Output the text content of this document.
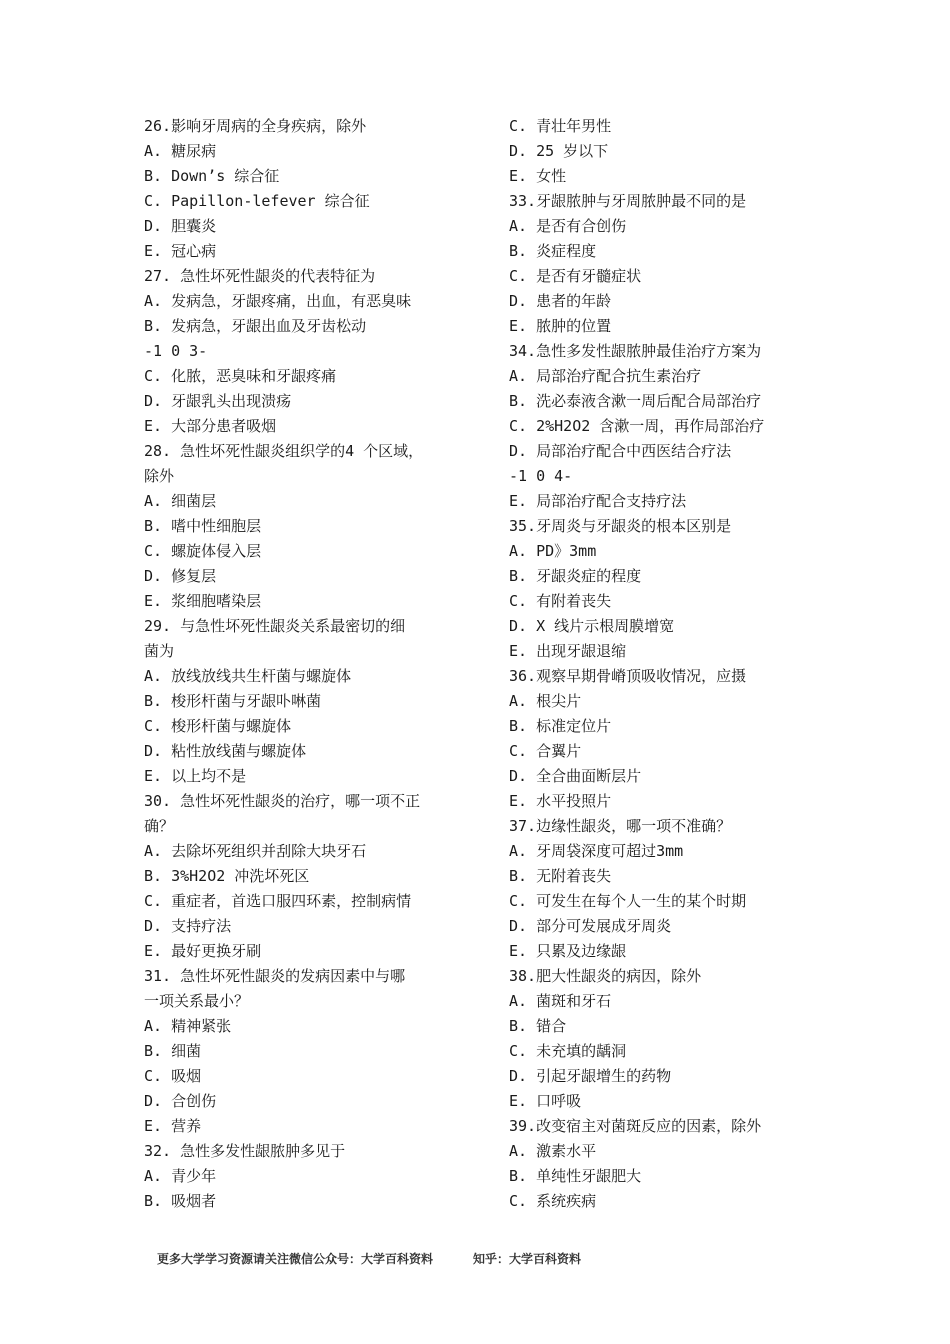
26.影响牙周病的全身疾病，除外
A. 糖尿病
B. Down’s 综合征
C. Papillon-lefever 综合征
D. 胆囊炎
E. 冠心病
27. 急性坏死性龈炎的代表特征为
A. 发病急，牙龈疼痛，出血，有恶臭味
B. 发病急，牙龈出血及牙齿松动
-1 0 3-
C. 化脓，恶臭味和牙龈疼痛
D. 牙龈乳头出现溃疡
E. 大部分患者吸烟
28. 急性坏死性龈炎组织学的4 个区域，
除外
A. 细菌层
B. 嗜中性细胞层
C. 螺旋体侵入层
D. 修复层
E. 浆细胞嗜染层
29. 与急性坏死性龈炎关系最密切的细
菌为
A. 放线放线共生杆菌与螺旋体
B. 梭形杆菌与牙龈卟啉菌
C. 梭形杆菌与螺旋体
D. 粘性放线菌与螺旋体
E. 以上均不是
30. 急性坏死性龈炎的治疗，哪一项不正
确？
A. 去除坏死组织并刮除大块牙石
B. 3%H2O2 冲洗坏死区
C. 重症者，首选口服四环素，控制病情
D. 支持疗法
E. 最好更换牙刷
31. 急性坏死性龈炎的发病因素中与哪
一项关系最小？
A. 精神紧张
B. 细菌
C. 吸烟
D. 合创伤
E. 营养
32. 急性多发性龈脓肿多见于
A. 青少年
B. 吸烟者
C. 青壮年男性
D. 25 岁以下
E. 女性
33.牙龈脓肿与牙周脓肿最不同的是
A. 是否有合创伤
B. 炎症程度
C. 是否有牙髓症状
D. 患者的年龄
E. 脓肿的位置
34.急性多发性龈脓肿最佳治疗方案为
A. 局部治疗配合抗生素治疗
B. 洗必泰液含漱一周后配合局部治疗
C. 2%H2O2 含漱一周，再作局部治疗
D. 局部治疗配合中西医结合疗法
-1 0 4-
E. 局部治疗配合支持疗法
35.牙周炎与牙龈炎的根本区别是
A. PD》3mm
B. 牙龈炎症的程度
C. 有附着丧失
D. X 线片示根周膜增宽
E. 出现牙龈退缩
36.观察早期骨嵴顶吸收情况，应摄
A. 根尖片
B. 标准定位片
C. 合翼片
D. 全合曲面断层片
E. 水平投照片
37.边缘性龈炎，哪一项不准确？
A. 牙周袋深度可超过3mm
B. 无附着丧失
C. 可发生在每个人一生的某个时期
D. 部分可发展成牙周炎
E. 只累及边缘龈
38.肥大性龈炎的病因，除外
A. 菌斑和牙石
B. 错合
C. 未充填的龋洞
D. 引起牙龈增生的药物
E. 口呼吸
39.改变宿主对菌斑反应的因素，除外
A. 激素水平
B. 单纯性牙龈肥大
C. 系统疾病
更多大学学习资源请关注微信公众号：大学百科资料	知乎：大学百科资料
